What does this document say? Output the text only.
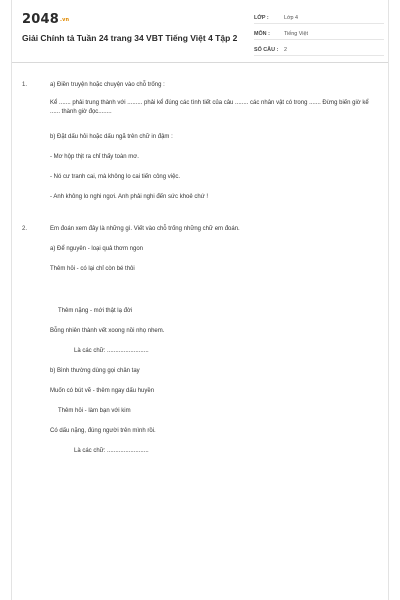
2048.vn
Giải Chính tả Tuần 24 trang 34 VBT Tiếng Việt 4 Tập 2
LỚP :	Lớp 4
MÔN :	Tiếng Việt
SỐ CÂU :	2
1.	a) Điền truyện hoặc chuyện vào chỗ trống :
Kể ....... phải trung thành với ......... phải kể đúng các tình tiết của câu ........ các nhân vật có trong ....... Đừng biến giờ kể ...... thành giờ đọc........
b) Đặt dấu hỏi hoặc dấu ngã trên chữ in đậm :
- Mơ hộp thịt ra chỉ thấy toàn mơ.
- Nó cư tranh cai, mà không lo cai tiến công việc.
- Anh không lo nghi ngơi. Anh phải nghi đến sức khoẻ chứ !
2.	Em đoán xem đây là những gì. Viết vào chỗ trống những chữ em đoán.
a) Để nguyên - loại quả thơm ngon
Thêm hỏi - có lại chỉ còn bé thôi
Thêm nặng - mới thật lạ đời
Bỗng nhiên thành vết xoong nồi nhọ nhem.
Là các chữ: .........................
b) Bình thường dùng gọi chân tay
Muốn có bút vẽ - thêm ngay dấu huyền
Thêm hỏi - làm bạn với kim
Có dấu nặng, đúng người trên mình rồi.
Là các chữ: .........................
